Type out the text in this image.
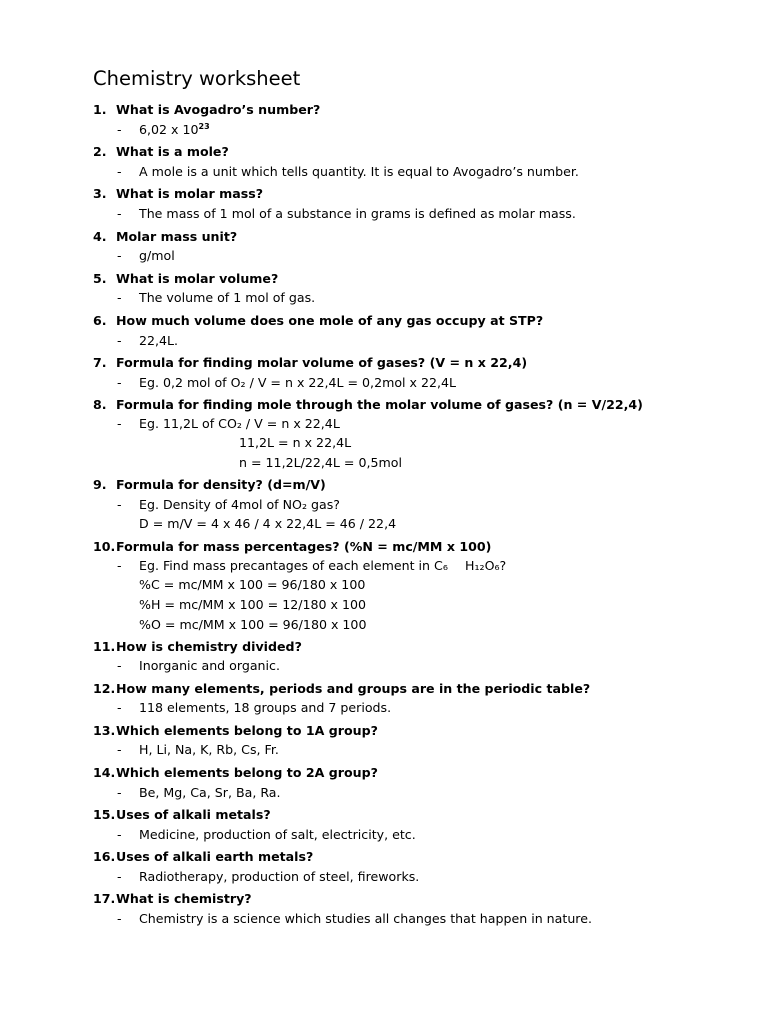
Chemistry worksheet
1. What is Avogadro’s number?
- 6,02 x $10^{23}$
2. What is a mole?
- A mole is a unit which tells quantity. It is equal to Avogadro’s number.
3. What is molar mass?
- The mass of 1 mol of a substance in grams is defined as molar mass.
4. Molar mass unit?
- g/mol
5. What is molar volume?
- The volume of 1 mol of gas.
6. How much volume does one mole of any gas occupy at STP?
- 22,4L.
7. Formula for finding molar volume of gases? (V = n x 22,4)
- Eg. 0,2 mol of O₂ / V = n x 22,4L = 0,2mol x 22,4L
8. Formula for finding mole through the molar volume of gases? (n = V/22,4)
- Eg. 11,2L of CO₂ / V = n x 22,4L
11,2L = n x 22,4L
n = 11,2L/22,4L = 0,5mol
9. Formula for density? (d=m/V)
- Eg. Density of 4mol of NO₂ gas?
D = m/V = 4 x 46 / 4 x 22,4L = 46 / 22,4
10. Formula for mass percentages? (%N = mc/MM x 100)
- Eg. Find mass precantages of each element in C₆ H₁₂O₆?
%C = mc/MM x 100 = 96/180 x 100
%H = mc/MM x 100 = 12/180 x 100
%O = mc/MM x 100 = 96/180 x 100
11. How is chemistry divided?
- Inorganic and organic.
12. How many elements, periods and groups are in the periodic table?
- 118 elements, 18 groups and 7 periods.
13. Which elements belong to 1A group?
- H, Li, Na, K, Rb, Cs, Fr.
14. Which elements belong to 2A group?
- Be, Mg, Ca, Sr, Ba, Ra.
15. Uses of alkali metals?
- Medicine, production of salt, electricity, etc.
16. Uses of alkali earth metals?
- Radiotherapy, production of steel, fireworks.
17. What is chemistry?
- Chemistry is a science which studies all changes that happen in nature.
